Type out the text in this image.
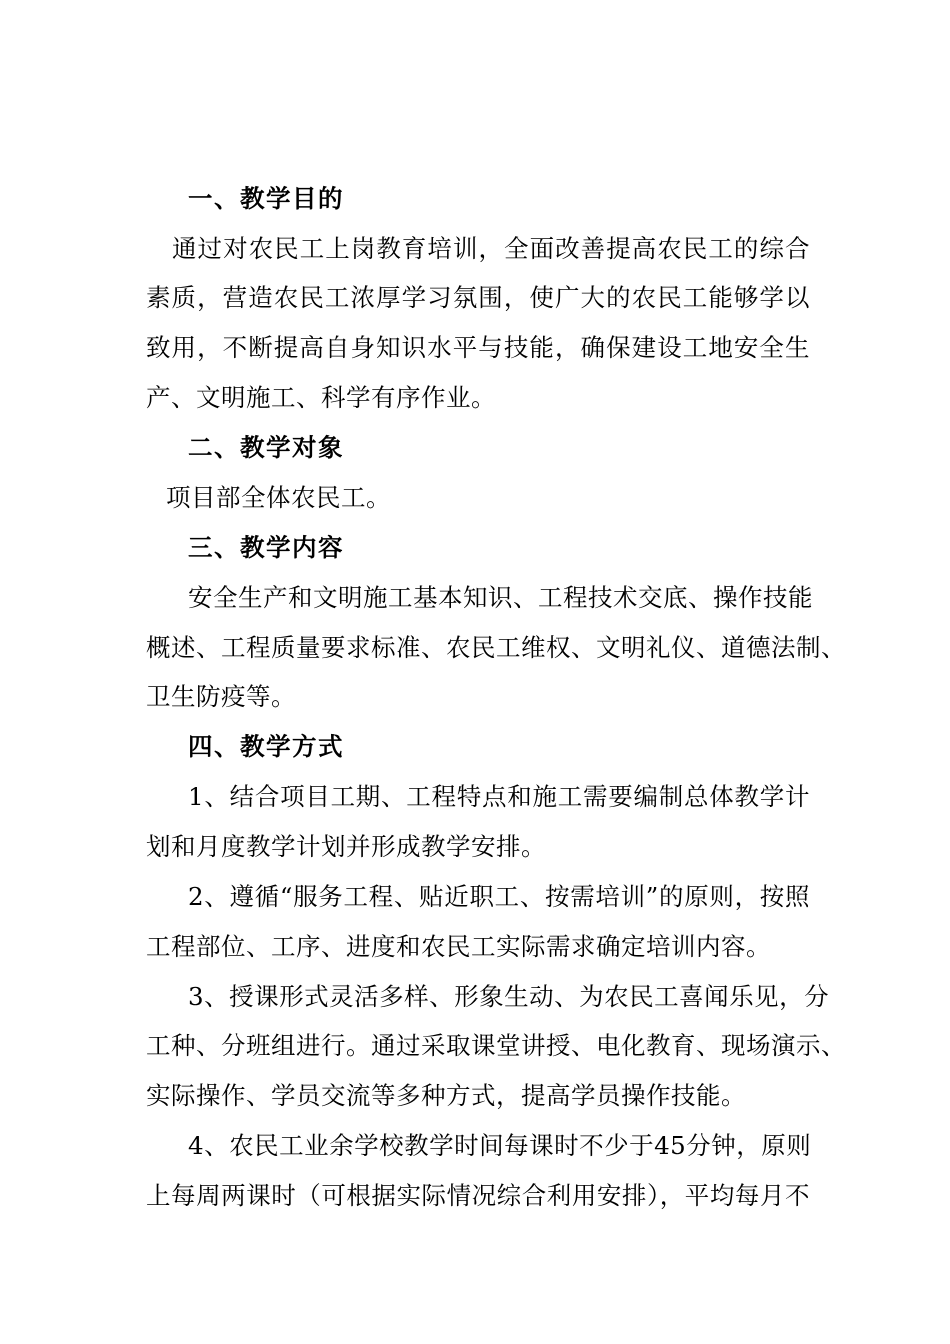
一、教学目的
通过对农民工上岗教育培训，全面改善提高农民工的综合
素质，营造农民工浓厚学习氛围，使广大的农民工能够学以
致用，不断提高自身知识水平与技能，确保建设工地安全生
产、文明施工、科学有序作业。
二、教学对象
项目部全体农民工。
三、教学内容
安全生产和文明施工基本知识、工程技术交底、操作技能
概述、工程质量要求标准、农民工维权、文明礼仪、道德法制、
卫生防疫等。
四、教学方式
1、结合项目工期、工程特点和施工需要编制总体教学计
划和月度教学计划并形成教学安排。
2、遵循“服务工程、贴近职工、按需培训”的原则，按照
工程部位、工序、进度和农民工实际需求确定培训内容。
3、授课形式灵活多样、形象生动、为农民工喜闻乐见，分
工种、分班组进行。通过采取课堂讲授、电化教育、现场演示、
实际操作、学员交流等多种方式，提高学员操作技能。
4、农民工业余学校教学时间每课时不少于45分钟，原则
上每周两课时（可根据实际情况综合利用安排），平均每月不
